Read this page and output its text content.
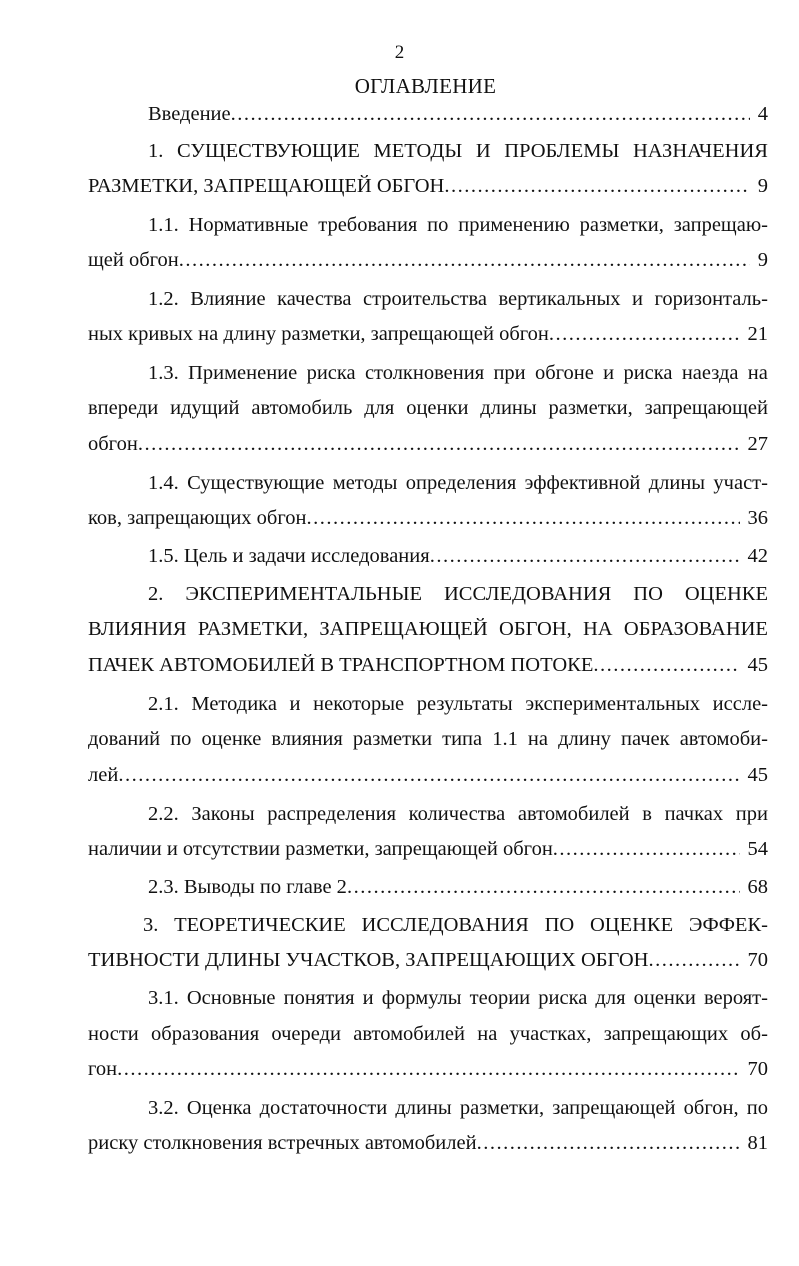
2
ОГЛАВЛЕНИЕ
Введение .....	4
1. СУЩЕСТВУЮЩИЕ МЕТОДЫ И ПРОБЛЕМЫ НАЗНАЧЕНИЯ
РАЗМЕТКИ, ЗАПРЕЩАЮЩЕЙ ОБГОН .....	9
1.1. Нормативные требования по применению разметки, запрещаю-
щей обгон .....	9
1.2. Влияние качества строительства вертикальных и горизонталь-
ных кривых на длину разметки, запрещающей обгон .....	21
1.3. Применение риска столкновения при обгоне и риска наезда на
впереди идущий автомобиль для оценки длины разметки, запрещающей
обгон .....	27
1.4. Существующие методы определения эффективной длины участ-
ков, запрещающих обгон .....	36
1.5. Цель и задачи исследования .....	42
2. ЭКСПЕРИМЕНТАЛЬНЫЕ ИССЛЕДОВАНИЯ ПО ОЦЕНКЕ
ВЛИЯНИЯ РАЗМЕТКИ, ЗАПРЕЩАЮЩЕЙ ОБГОН, НА ОБРАЗОВАНИЕ
ПАЧЕК АВТОМОБИЛЕЙ В ТРАНСПОРТНОМ ПОТОКЕ .....	45
2.1. Методика и некоторые результаты экспериментальных иссле-
дований по оценке влияния разметки типа 1.1 на длину пачек автомоби-
лей .....	45
2.2. Законы распределения количества автомобилей в пачках при
наличии и отсутствии разметки, запрещающей обгон .....	54
2.3. Выводы по главе 2 .....	68
3. ТЕОРЕТИЧЕСКИЕ ИССЛЕДОВАНИЯ ПО ОЦЕНКЕ ЭФФЕК-
ТИВНОСТИ ДЛИНЫ УЧАСТКОВ, ЗАПРЕЩАЮЩИХ ОБГОН .....	70
3.1. Основные понятия и формулы теории риска для оценки вероят-
ности образования очереди автомобилей на участках, запрещающих об-
гон .....	70
3.2. Оценка достаточности длины разметки, запрещающей обгон, по
риску столкновения встречных автомобилей .....	81
